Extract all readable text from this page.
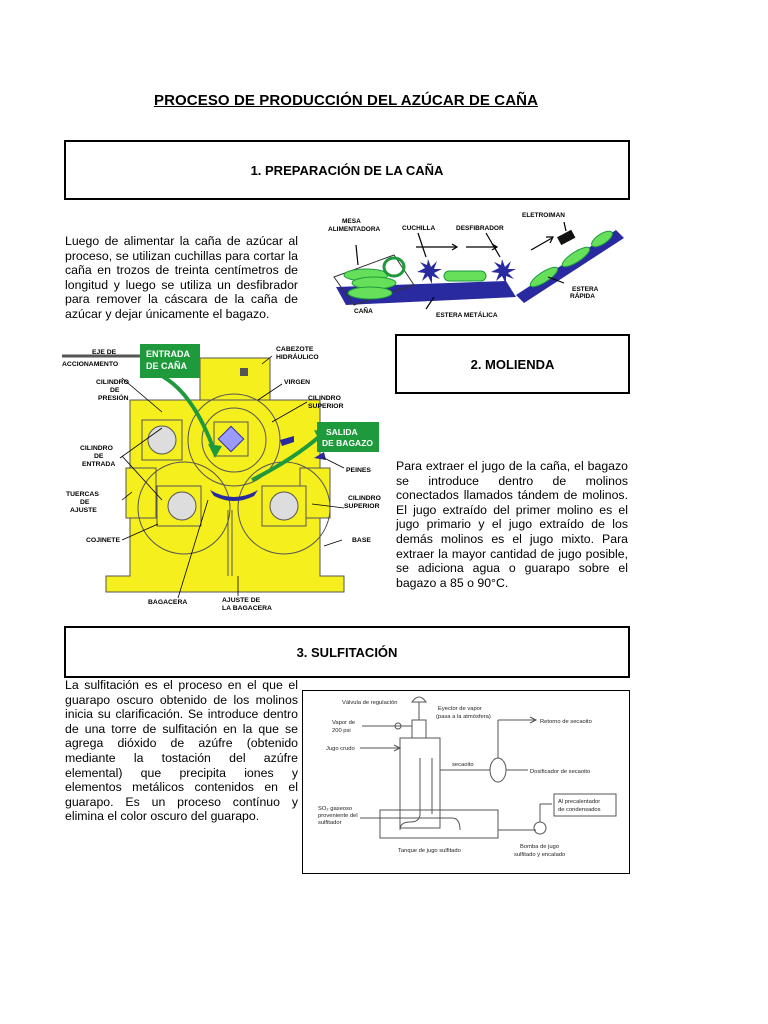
PROCESO DE PRODUCCIÓN DEL AZÚCAR DE CAÑA
1. PREPARACIÓN DE LA CAÑA
Luego de alimentar la caña de azúcar al proceso, se utilizan cuchillas para cortar la caña en trozos de treinta centímetros de longitud y luego se utiliza un desfibrador para remover la cáscara de la caña de azúcar y dejar únicamente el bagazo.
MESA
ALIMENTADORA	CUCHILLA	DESFIBRADOR
ELETROIMAN
CAÑA
ESTERA METÁLICA
ESTERA
RÁPIDA
2. MOLIENDA
EJE DE
ACCIONAMENTO
ENTRADA
DE CAÑA
CABEZOTE
HIDRÁULICO
VIRGEN
CILINDRO
DE
PRESIÓN	CILINDRO
SUPERIOR
SALIDA
DE BAGAZO
CILINDRO
DE
ENTRADA
PEINES
TUERCAS
DE
AJUSTE
CILINDRO
SUPERIOR
COJINETE	BASE
BAGACERA	AJUSTE DE
LA BAGACERA
Para extraer el jugo de la caña, el bagazo se introduce dentro de molinos conectados llamados tándem de molinos. El jugo extraído del primer molino es el jugo primario y el jugo extraído de los demás molinos es el jugo mixto. Para extraer la mayor cantidad de jugo posible, se adiciona agua o guarapo sobre el bagazo a 85 o 90°C.
3. SULFITACIÓN
La sulfitación es el proceso en el que el guarapo oscuro obtenido de los molinos inicia su clarificación. Se introduce dentro de una torre de sulfitación en la que se agrega dióxido de azúfre (obtenido mediante la tostación del azúfre elemental) que precipita iones y elementos metálicos contenidos en el guarapo. Es un proceso contínuo y elimina el color oscuro del guarapo.
Válvula de regulación
Eyector de vapor
(pasa a la atmósfera)
Vapor de
200 psi
Jugo crudo
Retorno de secaoito
secaoito
Dosificador de secaoito
SO₂ gaseoso
proveniente del
sulfitador
Al precalentador
de condensados
Tanque de jugo sulfitado
Bomba de jugo
sulfitado y encalado
